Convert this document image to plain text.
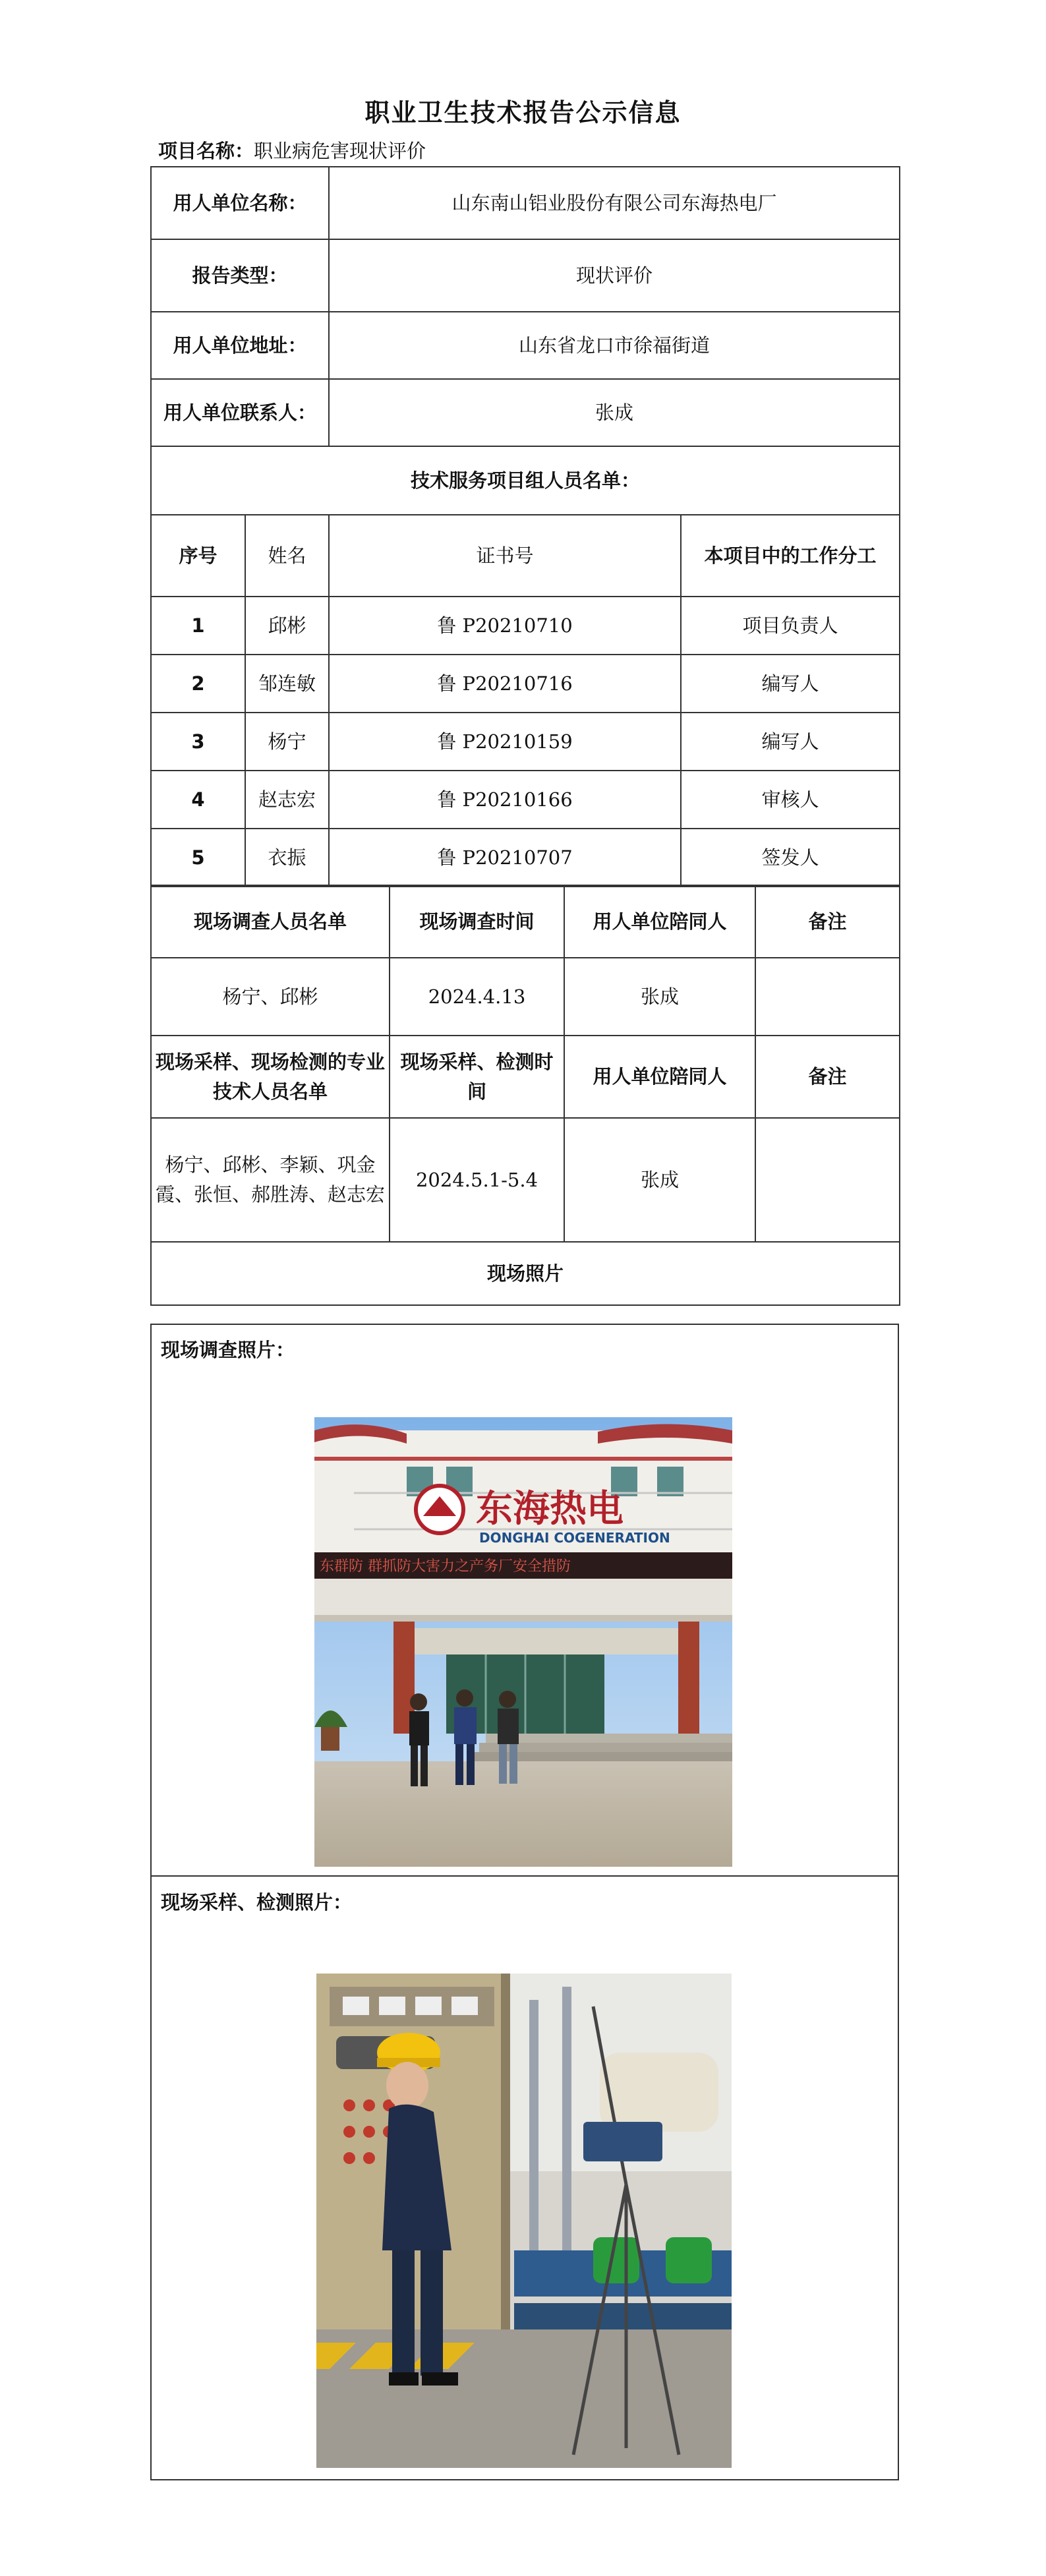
职业卫生技术报告公示信息
项目名称：职业病危害现状评价
用人单位名称：		山东南山铝业股份有限公司东海热电厂	
报告类型：		现状评价	
用人单位地址：		山东省龙口市徐福街道	
用人单位联系人：		张成	
技术服务项目组人员名单：			
序号	姓名	证书号	本项目中的工作分工
1	邱彬	鲁 P20210710	项目负责人
2	邹连敏	鲁 P20210716	编写人
3	杨宁	鲁 P20210159	编写人
4	赵志宏	鲁 P20210166	审核人
5	衣振	鲁 P20210707	签发人
现场调查人员名单	现场调查时间	用人单位陪同人	备注
杨宁、邱彬	2024.4.13	张成	
现场采样、现场检测的专业技术人员名单	现场采样、检测时间	用人单位陪同人	备注
杨宁、邱彬、李颖、巩金霞、张恒、郝胜涛、赵志宏	2024.5.1-5.4	张成	
现场照片			
现场调查照片：
东海热电
DONGHAI COGENERATION
东群防 群抓防大害力之产务厂安全措防
现场采样、检测照片：
